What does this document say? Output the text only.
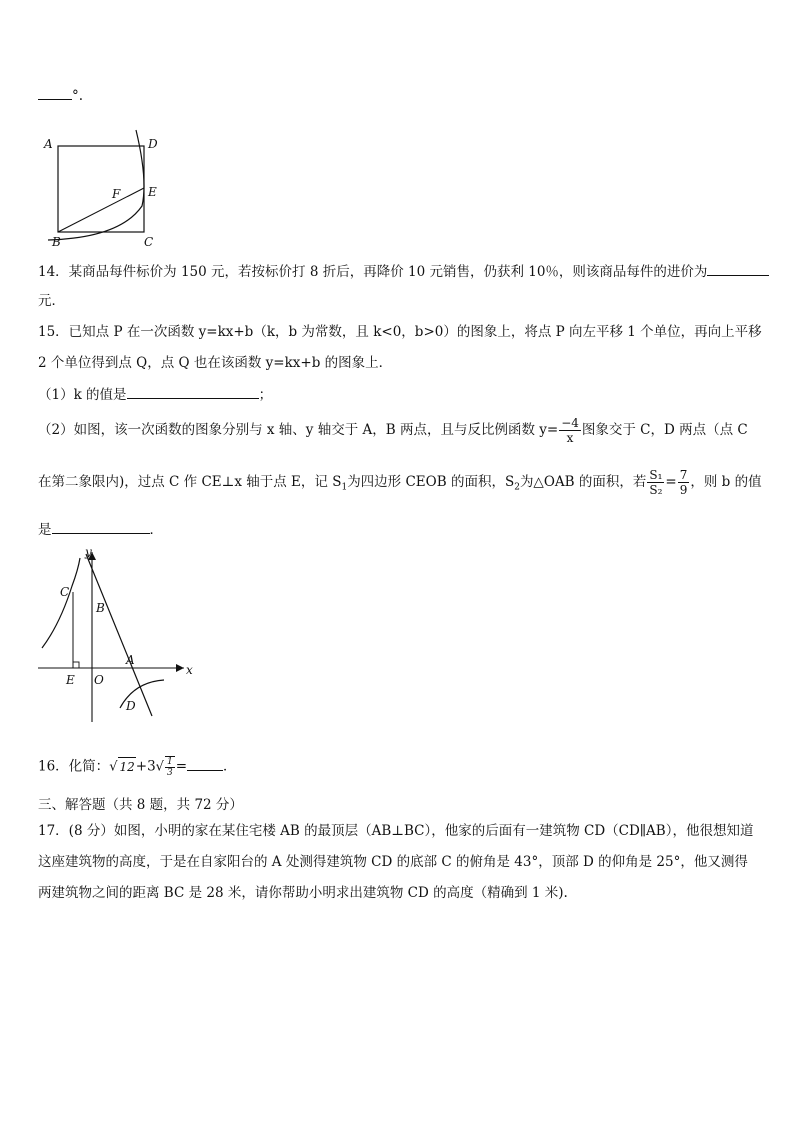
°.
A	D
F E
B	C
14．某商品每件标价为 150 元，若按标价打 8 折后，再降价 10 元销售，仍获利 10％，则该商品每件的进价为
元．
15．已知点 P 在一次函数 y=kx+b（k，b 为常数，且 k<0，b>0）的图象上，将点 P 向左平移 1 个单位，再向上平移
2 个单位得到点 Q，点 Q 也在该函数 y=kx+b 的图象上．
（1）k 的值是	；
（2）如图，该一次函数的图象分别与 x 轴、y 轴交于 A，B 两点，且与反比例函数 $y= \frac{-4}{x}$ 图象交于 C，D 两点（点 C
在第二象限内)，过点 C 作 CE⊥x 轴于点 E，记 $S_1$为四边形 CEOB 的面积，$S_2$为△OAB 的面积，若 $\frac{\text{S₁}}{\text{S₂}} = \frac{7}{9}$ ，则 b 的值
是	．
y
C
B
A
x
E O
D
16．化简：√ $12+3√ \frac{1}{3}$ =	．
三、解答题（共 8 题，共 72 分）
17．(8 分）如图，小明的家在某住宅楼 AB 的最顶层（AB⊥BC），他家的后面有一建筑物 CD（CD∥AB），他很想知道
这座建筑物的高度，于是在自家阳台的 A 处测得建筑物 CD 的底部 C 的俯角是 43°，顶部 D 的仰角是 25°，他又测得
两建筑物之间的距离 BC 是 28 米，请你帮助小明求出建筑物 CD 的高度（精确到 1 米).
